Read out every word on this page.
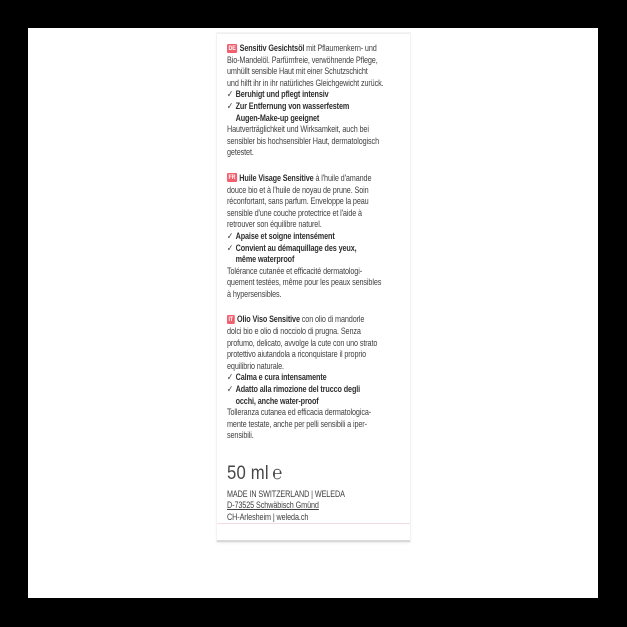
DE Sensitiv Gesichtsöl mit Pflaumenkern- und
Bio-Mandelöl. Parfümfreie, verwöhnende Pflege,
umhüllt sensible Haut mit einer Schutzschicht
und hilft ihr in ihr natürliches Gleichgewicht zurück.
✓ Beruhigt und pflegt intensiv
✓ Zur Entfernung von wasserfestem
Augen-Make-up geeignet
Hautverträglichkeit und Wirksamkeit, auch bei
sensibler bis hochsensibler Haut, dermatologisch
getestet.
FR Huile Visage Sensitive à l'huile d'amande
douce bio et à l'huile de noyau de prune. Soin
réconfortant, sans parfum. Enveloppe la peau
sensible d'une couche protectrice et l'aide à
retrouver son équilibre naturel.
✓ Apaise et soigne intensément
✓ Convient au démaquillage des yeux,
même waterproof
Tolérance cutanée et efficacité dermatologi-
quement testées, même pour les peaux sensibles
à hypersensibles.
IT Olio Viso Sensitive con olio di mandorle
dolci bio e olio di nocciolo di prugna. Senza
profumo, delicato, avvolge la cute con uno strato
protettivo aiutandola a riconquistare il proprio
equilibrio naturale.
✓ Calma e cura intensamente
✓ Adatto alla rimozione del trucco degli
occhi, anche water-proof
Tolleranza cutanea ed efficacia dermatologica-
mente testate, anche per pelli sensibili a iper-
sensibili.
50 ml ℮
MADE IN SWITZERLAND | WELEDA
D-73525 Schwäbisch Gmünd
CH-Arlesheim | weleda.ch
